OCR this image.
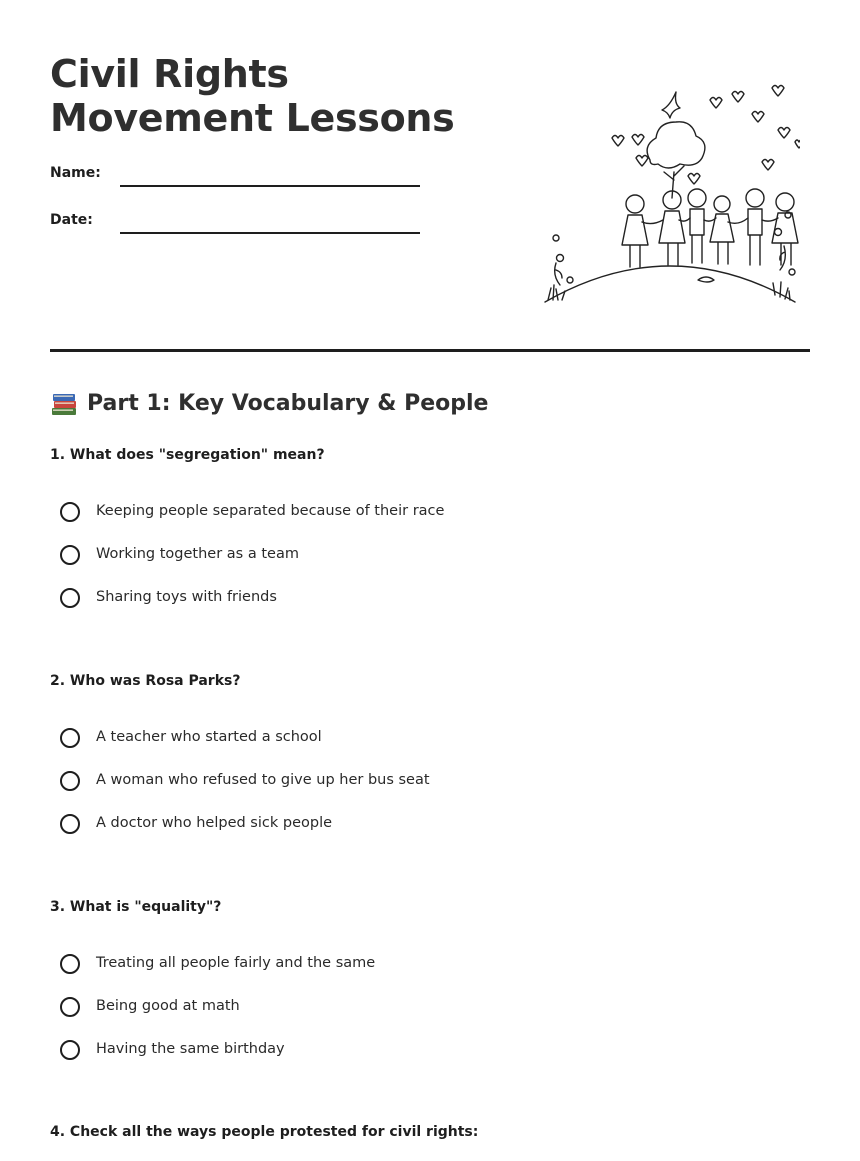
Civil Rights Movement Lessons
Name:
Date:
Part 1: Key Vocabulary & People

1. What does "segregation" mean?

Keeping people separated because of their race
Working together as a team
Sharing toys with friends

2. Who was Rosa Parks?

A teacher who started a school
A woman who refused to give up her bus seat
A doctor who helped sick people

3. What is "equality"?

Treating all people fairly and the same
Being good at math
Having the same birthday

4. Check all the ways people protested for civil rights:
